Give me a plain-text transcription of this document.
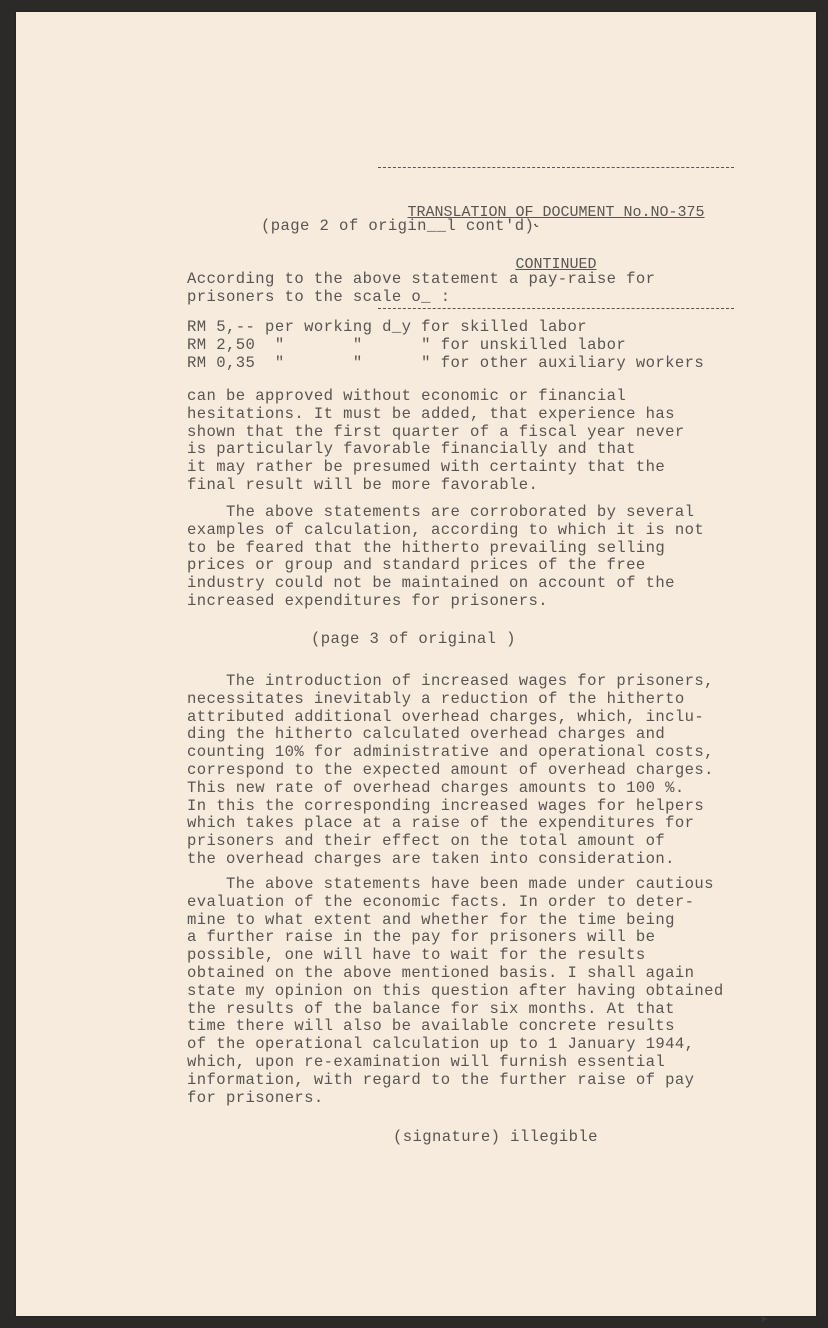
TRANSLATION OF DOCUMENT No.NO-375

CONTINUED

(page 2 of origin__l cont'd)˞
According to the above statement a pay-raise for
prisoners to the scale o_ :
RM 5,-- per working d_y for skilled labor
RM 2,50  "       "      " for unskilled labor
RM 0,35  "       "      " for other auxiliary workers
can be approved without economic or financial
hesitations. It must be added, that experience has
shown that the first quarter of a fiscal year never
is particularly favorable financially and that
it may rather be presumed with certainty that the
final result will be more favorable.
The above statements are corroborated by several
examples of calculation, according to which it is not
to be feared that the hitherto prevailing selling
prices or group and standard prices of the free
industry could not be maintained on account of the
increased expenditures for prisoners.
(page 3 of original )
The introduction of increased wages for prisoners,
necessitates inevitably a reduction of the hitherto
attributed additional overhead charges, which, inclu-
ding the hitherto calculated overhead charges and
counting 10% for administrative and operational costs,
correspond to the expected amount of overhead charges.
This new rate of overhead charges amounts to 100 %.
In this the corresponding increased wages for helpers
which takes place at a raise of the expenditures for
prisoners and their effect on the total amount of
the overhead charges are taken into consideration.
The above statements have been made under cautious
evaluation of the economic facts. In order to deter-
mine to what extent and whether for the time being
a further raise in the pay for prisoners will be
possible, one will have to wait for the results
obtained on the above mentioned basis. I shall again
state my opinion on this question after having obtained
the results of the balance for six months. At that
time there will also be available concrete results
of the operational calculation up to 1 January 1944,
which, upon re-examination will furnish essential
information, with regard to the further raise of pay
for prisoners.
(signature) illegible
▸
